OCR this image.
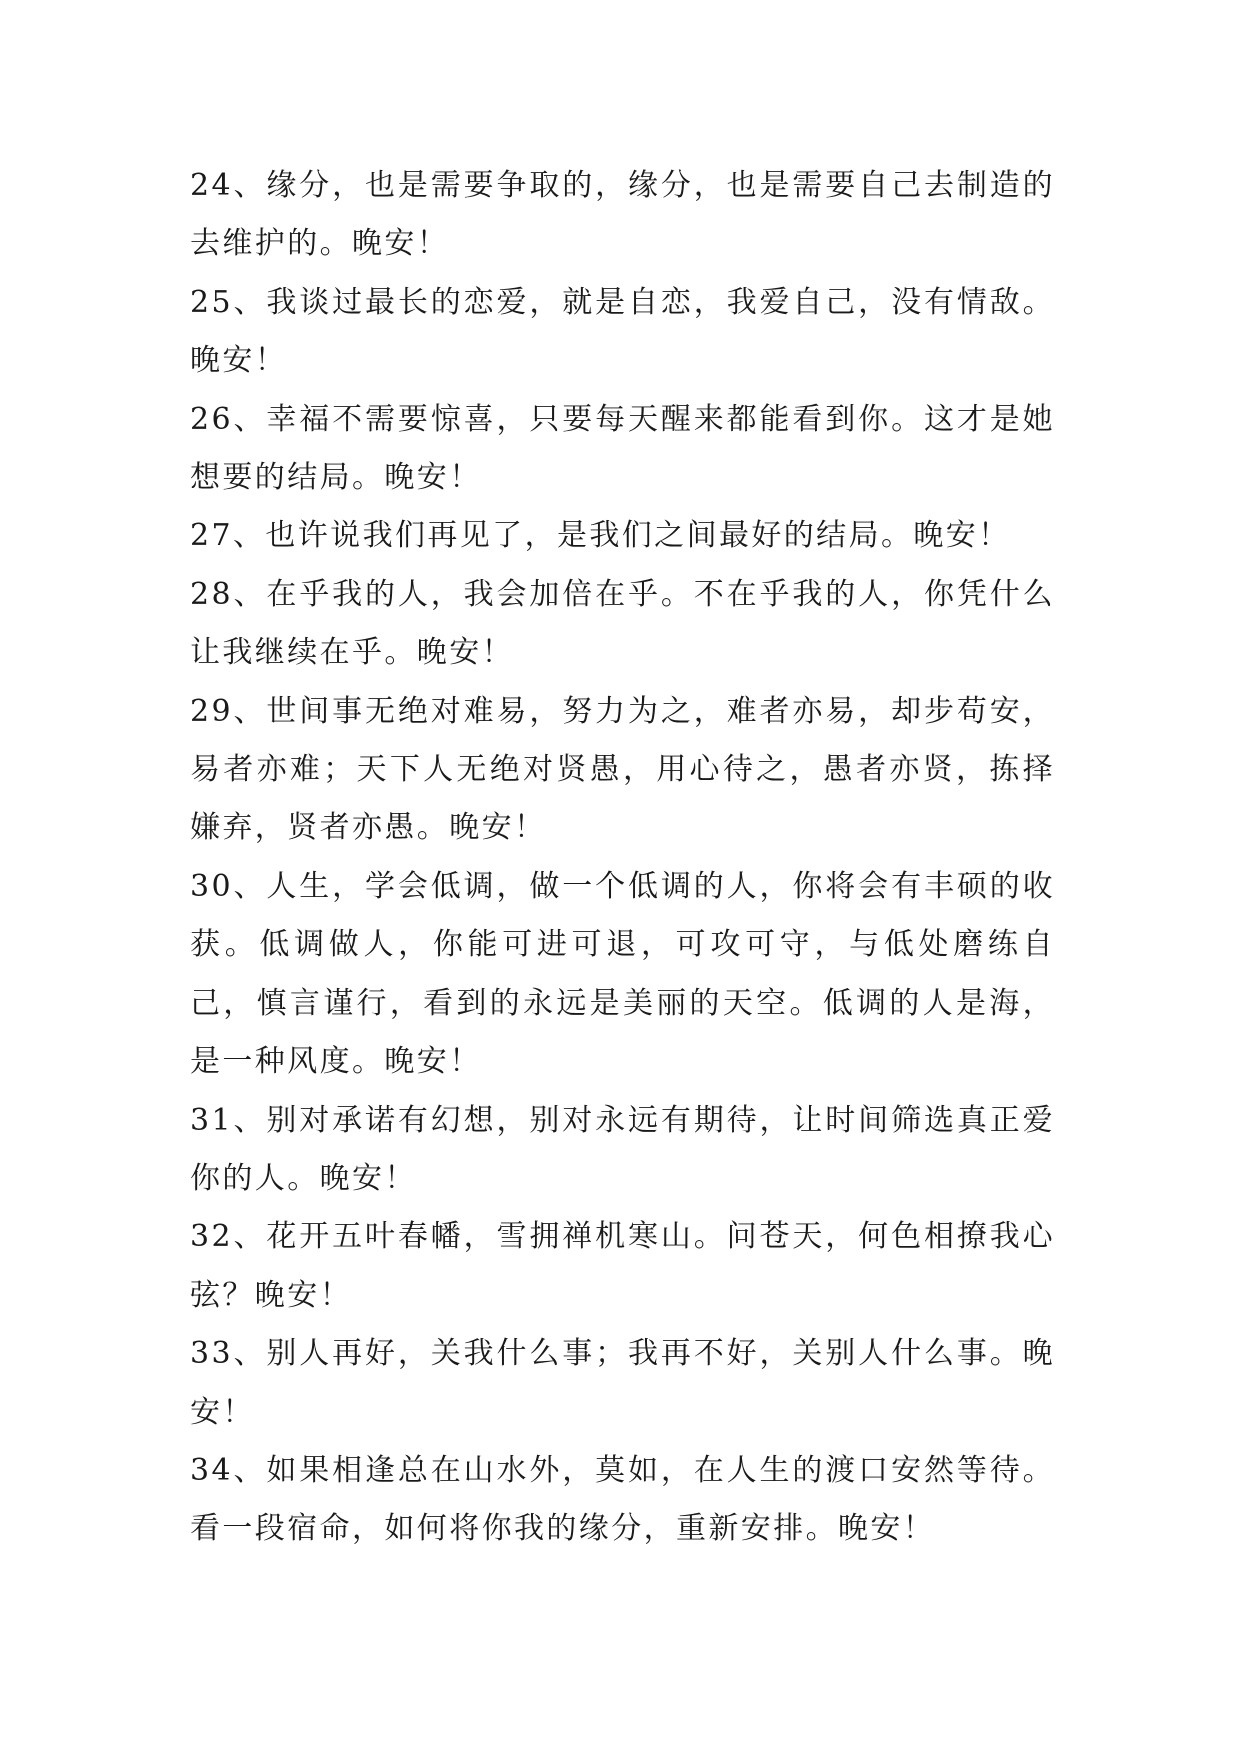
24、缘分，也是需要争取的，缘分，也是需要自己去制造的去维护的。晚安！

25、我谈过最长的恋爱，就是自恋，我爱自己，没有情敌。晚安！

26、幸福不需要惊喜，只要每天醒来都能看到你。这才是她想要的结局。晚安！

27、也许说我们再见了，是我们之间最好的结局。晚安！

28、在乎我的人，我会加倍在乎。不在乎我的人，你凭什么让我继续在乎。晚安！

29、世间事无绝对难易，努力为之，难者亦易，却步苟安，易者亦难；天下人无绝对贤愚，用心待之，愚者亦贤，拣择嫌弃，贤者亦愚。晚安！

30、人生，学会低调，做一个低调的人，你将会有丰硕的收获。低调做人，你能可进可退，可攻可守，与低处磨练自己，慎言谨行，看到的永远是美丽的天空。低调的人是海，是一种风度。晚安！

31、别对承诺有幻想，别对永远有期待，让时间筛选真正爱你的人。晚安！

32、花开五叶春幡，雪拥禅机寒山。问苍天，何色相撩我心弦？晚安！

33、别人再好，关我什么事；我再不好，关别人什么事。晚安！

34、如果相逢总在山水外，莫如，在人生的渡口安然等待。看一段宿命，如何将你我的缘分，重新安排。晚安！
